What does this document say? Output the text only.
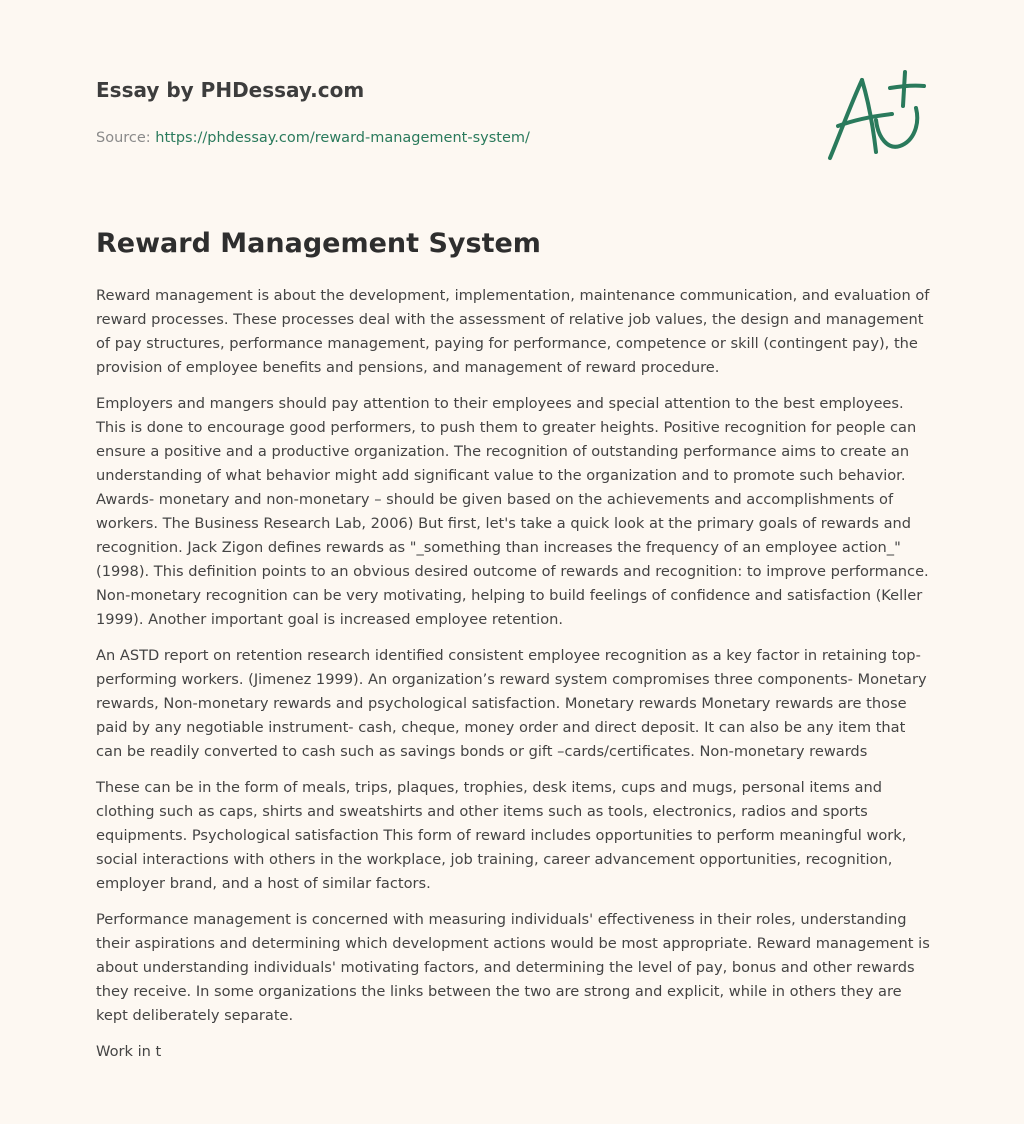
Essay by PHDessay.com

Source: https://phdessay.com/reward-management-system/
Reward Management System

Reward management is about the development, implementation, maintenance communication, and evaluation of reward processes. These processes deal with the assessment of relative job values, the design and management of pay structures, performance management, paying for performance, competence or skill (contingent pay), the provision of employee benefits and pensions, and management of reward procedure.

Employers and mangers should pay attention to their employees and special attention to the best employees. This is done to encourage good performers, to push them to greater heights. Positive recognition for people can ensure a positive and a productive organization. The recognition of outstanding performance aims to create an understanding of what behavior might add significant value to the organization and to promote such behavior. Awards- monetary and non-monetary – should be given based on the achievements and accomplishments of workers. The Business Research Lab, 2006) But first, let's take a quick look at the primary goals of rewards and recognition. Jack Zigon defines rewards as "_something than increases the frequency of an employee action_" (1998). This definition points to an obvious desired outcome of rewards and recognition: to improve performance. Non-monetary recognition can be very motivating, helping to build feelings of confidence and satisfaction (Keller 1999). Another important goal is increased employee retention.

An ASTD report on retention research identified consistent employee recognition as a key factor in retaining top-performing workers. (Jimenez 1999). An organization’s reward system compromises three components- Monetary rewards, Non-monetary rewards and psychological satisfaction. Monetary rewards Monetary rewards are those paid by any negotiable instrument- cash, cheque, money order and direct deposit. It can also be any item that can be readily converted to cash such as savings bonds or gift –cards/certificates. Non-monetary rewards

These can be in the form of meals, trips, plaques, trophies, desk items, cups and mugs, personal items and clothing such as caps, shirts and sweatshirts and other items such as tools, electronics, radios and sports equipments. Psychological satisfaction This form of reward includes opportunities to perform meaningful work, social interactions with others in the workplace, job training, career advancement opportunities, recognition, employer brand, and a host of similar factors.

Performance management is concerned with measuring individuals' effectiveness in their roles, understanding their aspirations and determining which development actions would be most appropriate. Reward management is about understanding individuals' motivating factors, and determining the level of pay, bonus and other rewards they receive. In some organizations the links between the two are strong and explicit, while in others they are kept deliberately separate.

Work in t
